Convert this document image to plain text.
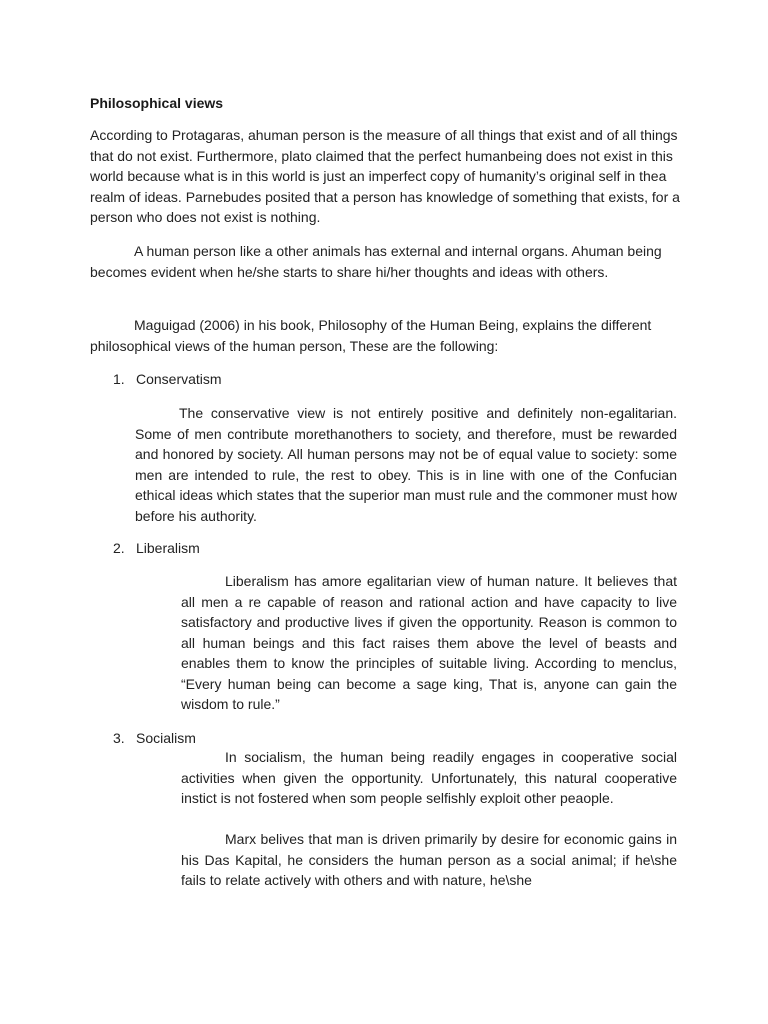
Philosophical views

According to Protagaras, ahuman person is the measure of all things that exist and of all things that do not exist. Furthermore, plato claimed that the perfect humanbeing does not exist in this world because what is in this world is just an imperfect copy of humanity’s original self in thea realm of ideas. Parnebudes posited that a person has knowledge of something that exists, for a person who does not exist is nothing.

A human person like a other animals has external and internal organs. Ahuman being becomes evident when he/she starts to share hi/her thoughts and ideas with others.

Maguigad (2006) in his book, Philosophy of the Human Being, explains the different philosophical views of the human person, These are the following:

1. Conservatism

The conservative view is not entirely positive and definitely non-egalitarian. Some of men contribute morethanothers to society, and therefore, must be rewarded and honored by society. All human persons may not be of equal value to society: some men are intended to rule, the rest to obey. This is in line with one of the Confucian ethical ideas which states that the superior man must rule and the commoner must how before his authority.

2. Liberalism

Liberalism has amore egalitarian view of human nature. It believes that all men a re capable of reason and rational action and have capacity to live satisfactory and productive lives if given the opportunity. Reason is common to all human beings and this fact raises them above the level of beasts and enables them to know the principles of suitable living. According to menclus, “Every human being can become a sage king, That is, anyone can gain the wisdom to rule.”

3. Socialism

In socialism, the human being readily engages in cooperative social activities when given the opportunity. Unfortunately, this natural cooperative instict is not fostered when som people selfishly exploit other peaople.

Marx belives that man is driven primarily by desire for economic gains in his Das Kapital, he considers the human person as a social animal; if he\she fails to relate actively with others and with nature, he\she
